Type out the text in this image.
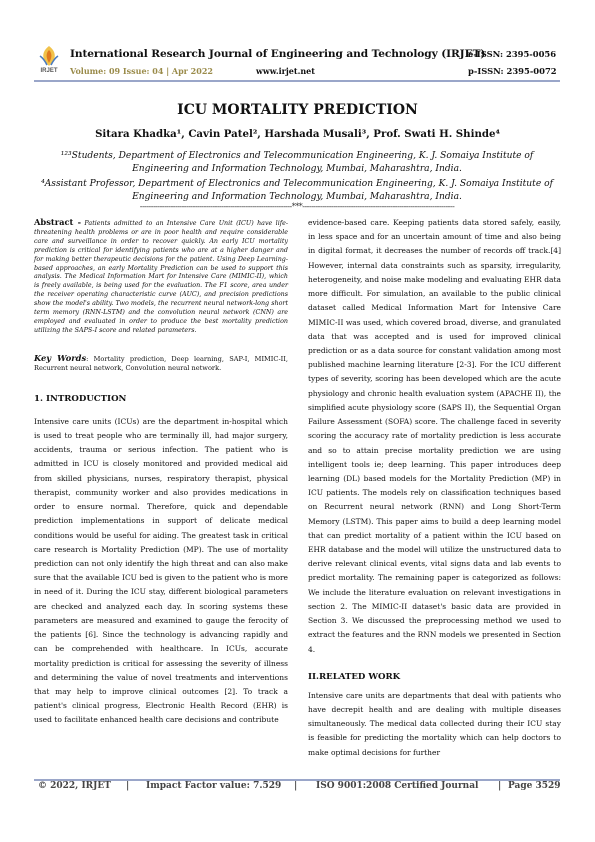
IRJET
International Research Journal of Engineering and Technology (IRJET)
Volume: 09 Issue: 04 | Apr 2022	www.irjet.net
e-ISSN: 2395-0056
p-ISSN: 2395-0072
ICU MORTALITY PREDICTION
Sitara Khadka¹, Cavin Patel², Harshada Musali³, Prof. Swati H. Shinde⁴
¹²³Students, Department of Electronics and Telecommunication Engineering, K. J. Somaiya Institute of Engineering and Information Technology, Mumbai, Maharashtra, India.
⁴Assistant Professor, Department of Electronics and Telecommunication Engineering, K. J. Somaiya Institute of Engineering and Information Technology, Mumbai, Maharashtra, India.
---------------------------------------------------------------------***---------------------------------------------------------------------

Abstract - Patients admitted to an Intensive Care Unit (ICU) have life-threatening health problems or are in poor health and require considerable care and surveillance in order to recover quickly. An early ICU mortality prediction is critical for identifying patients who are at a higher danger and for making better therapeutic decisions for the patient. Using Deep Learning-based approaches, an early Mortality Prediction can be used to support this analysis. The Medical Information Mart for Intensive Care (MIMIC-II), which is freely available, is being used for the evaluation. The F1 score, area under the receiver operating characteristic curve (AUC), and precision predictions show the model's ability. Two models, the recurrent neural network-long short term memory (RNN-LSTM) and the convolution neural network (CNN) are employed and evaluated in order to produce the best mortality prediction utilizing the SAPS-I score and related parameters.

Key Words: Mortality prediction, Deep learning, SAP-I, MIMIC-II, Recurrent neural network, Convolution neural network.

1. INTRODUCTION

Intensive care units (ICUs) are the department in-hospital which is used to treat people who are terminally ill, had major surgery, accidents, trauma or serious infection. The patient who is admitted in ICU is closely monitored and provided medical aid from skilled physicians, nurses, respiratory therapist, physical therapist, community worker and also provides medications in order to ensure normal. Therefore, quick and dependable prediction implementations in support of delicate medical conditions would be useful for aiding. The greatest task in critical care research is Mortality Prediction (MP). The use of mortality prediction can not only identify the high threat and can also make sure that the available ICU bed is given to the patient who is more in need of it. During the ICU stay, different biological parameters are checked and analyzed each day. In scoring systems these parameters are measured and examined to gauge the ferocity of the patients [6]. Since the technology is advancing rapidly and can be comprehended with healthcare. In ICUs, accurate mortality prediction is critical for assessing the severity of illness and determining the value of novel treatments and interventions that may help to improve clinical outcomes [2]. To track a patient's clinical progress, Electronic Health Record (EHR) is used to facilitate enhanced health care decisions and contribute

evidence-based care. Keeping patients data stored safely, easily, in less space and for an uncertain amount of time and also being in digital format, it decreases the number of records off track.[4] However, internal data constraints such as sparsity, irregularity, heterogeneity, and noise make modeling and evaluating EHR data more difficult. For simulation, an available to the public clinical dataset called Medical Information Mart for Intensive Care MIMIC-II was used, which covered broad, diverse, and granulated data that was accepted and is used for improved clinical prediction or as a data source for constant validation among most published machine learning literature [2-3]. For the ICU different types of severity, scoring has been developed which are the acute physiology and chronic health evaluation system (APACHE II), the simplified acute physiology score (SAPS II), the Sequential Organ Failure Assessment (SOFA) score. The challenge faced in severity scoring the accuracy rate of mortality prediction is less accurate and so to attain precise mortality prediction we are using intelligent tools ie; deep learning. This paper introduces deep learning (DL) based models for the Mortality Prediction (MP) in ICU patients. The models rely on classification techniques based on Recurrent neural network (RNN) and Long Short-Term Memory (LSTM). This paper aims to build a deep learning model that can predict mortality of a patient within the ICU based on EHR database and the model will utilize the unstructured data to derive relevant clinical events, vital signs data and lab events to predict mortality. The remaining paper is categorized as follows: We include the literature evaluation on relevant investigations in section 2. The MIMIC-II dataset's basic data are provided in Section 3. We discussed the preprocessing method we used to extract the features and the RNN models we presented in Section 4.

II.RELATED WORK

Intensive care units are departments that deal with patients who have decrepit health and are dealing with multiple diseases simultaneously. The medical data collected during their ICU stay is feasible for predicting the mortality which can help doctors to make optimal decisions for further

© 2022, IRJET | Impact Factor value: 7.529 | ISO 9001:2008 Certified Journal | Page 3529
